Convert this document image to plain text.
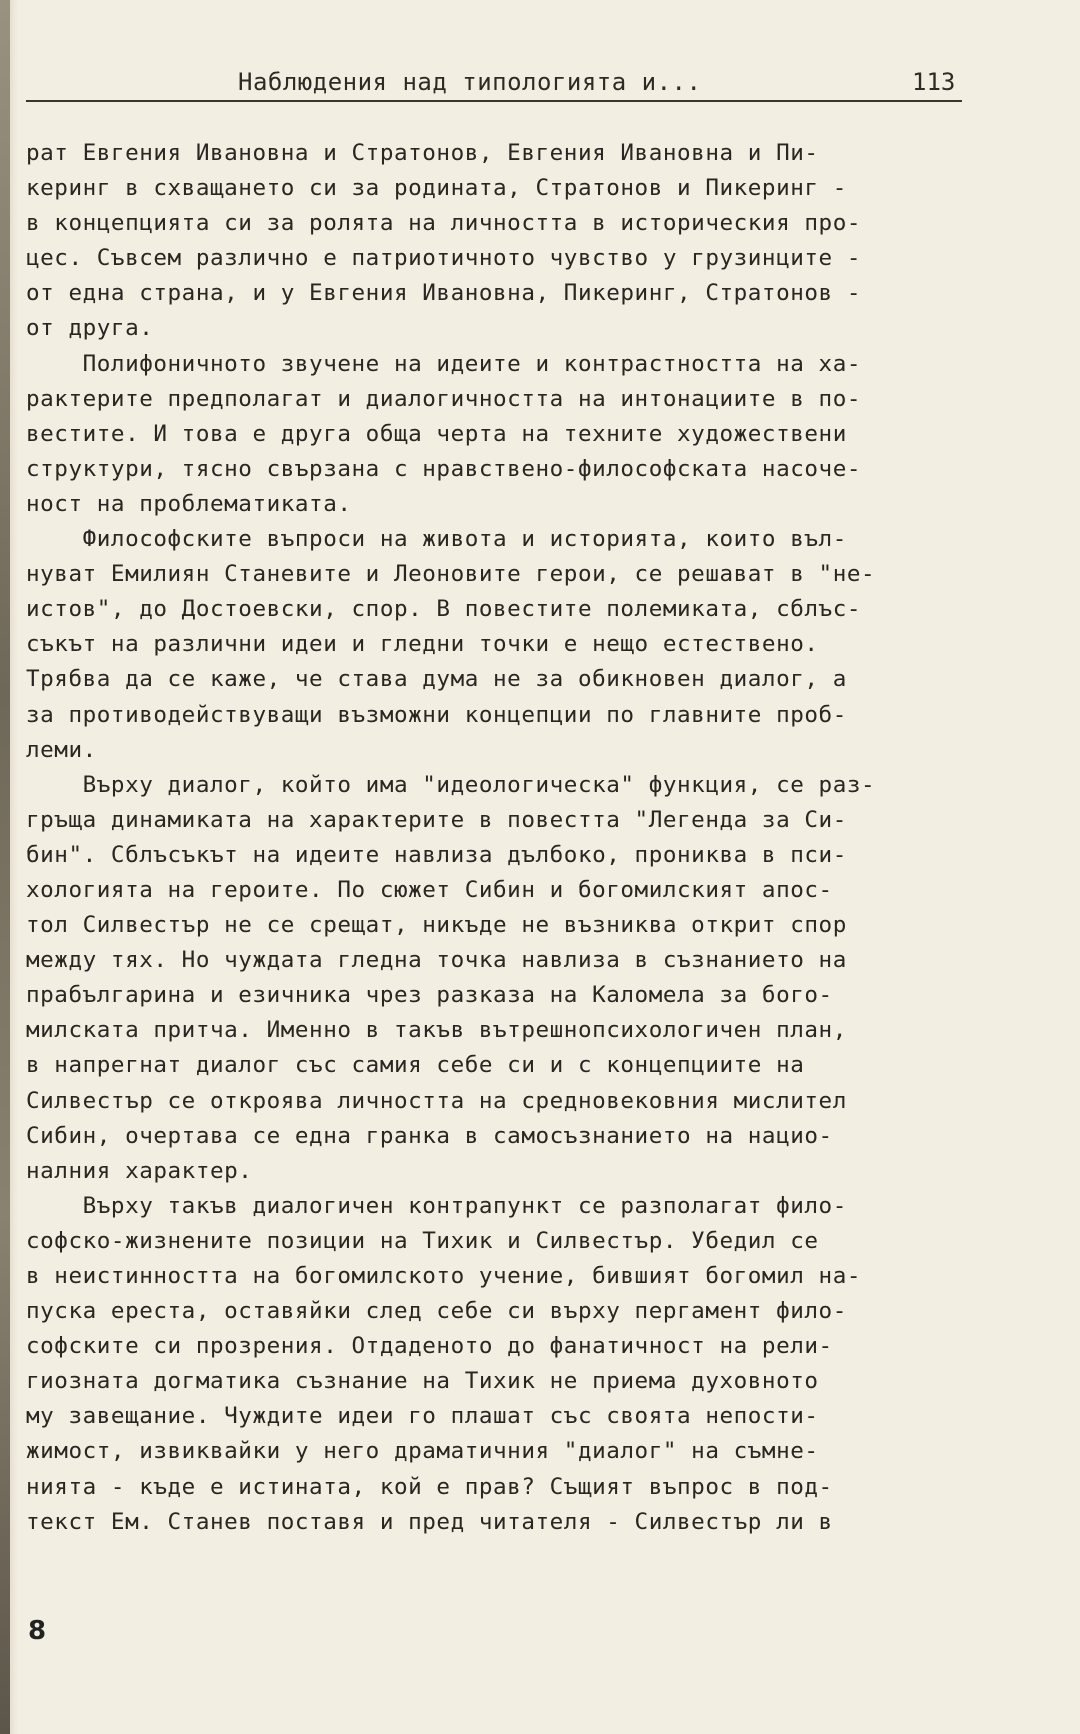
Наблюдения над типологията и...	113
рат Евгения Ивановна и Стратонов, Евгения Ивановна и Пи-
керинг в схващането си за родината, Стратонов и Пикеринг -
в концепцията си за ролята на личността в историческия про-
цес. Съвсем различно е патриотичното чувство у грузинците -
от една страна, и у Евгения Ивановна, Пикеринг, Стратонов -
от друга.
Полифоничното звучене на идеите и контрастността на ха-
рактерите предполагат и диалогичността на интонациите в по-
вестите. И това е друга обща черта на техните художествени
структури, тясно свързана с нравствено-философската насоче-
ност на проблематиката.
Философските въпроси на живота и историята, които въл-
нуват Емилиян Станевите и Леоновите герои, се решават в "не-
истов", до Достоевски, спор. В повестите полемиката, сблъс-
съкът на различни идеи и гледни точки е нещо естествено.
Трябва да се каже, че става дума не за обикновен диалог, а
за противодействуващи възможни концепции по главните проб-
леми.
Върху диалог, който има "идеологическа" функция, се раз-
гръща динамиката на характерите в повестта "Легенда за Си-
бин". Сблъсъкът на идеите навлиза дълбоко, прониква в пси-
хологията на героите. По сюжет Сибин и богомилският апос-
тол Силвестър не се срещат, никъде не възниква открит спор
между тях. Но чуждата гледна точка навлиза в съзнанието на
прабългарина и езичника чрез разказа на Каломела за бого-
милската притча. Именно в такъв вътрешнопсихологичен план,
в напрегнат диалог със самия себе си и с концепциите на
Силвестър се откроява личността на средновековния мислител
Сибин, очертава се една гранка в самосъзнанието на нацио-
налния характер.
Върху такъв диалогичен контрапункт се разполагат фило-
софско-жизнените позиции на Тихик и Силвестър. Убедил се
в неистинността на богомилското учение, бившият богомил на-
пуска ереста, оставяйки след себе си върху пергамент фило-
софските си прозрения. Отдаденото до фанатичност на рели-
гиозната догматика съзнание на Тихик не приема духовното
му завещание. Чуждите идеи го плашат със своята непости-
жимост, извиквайки у него драматичния "диалог" на съмне-
нията - къде е истината, кой е прав? Същият въпрос в под-
текст Ем. Станев поставя и пред читателя - Силвестър ли в
8
